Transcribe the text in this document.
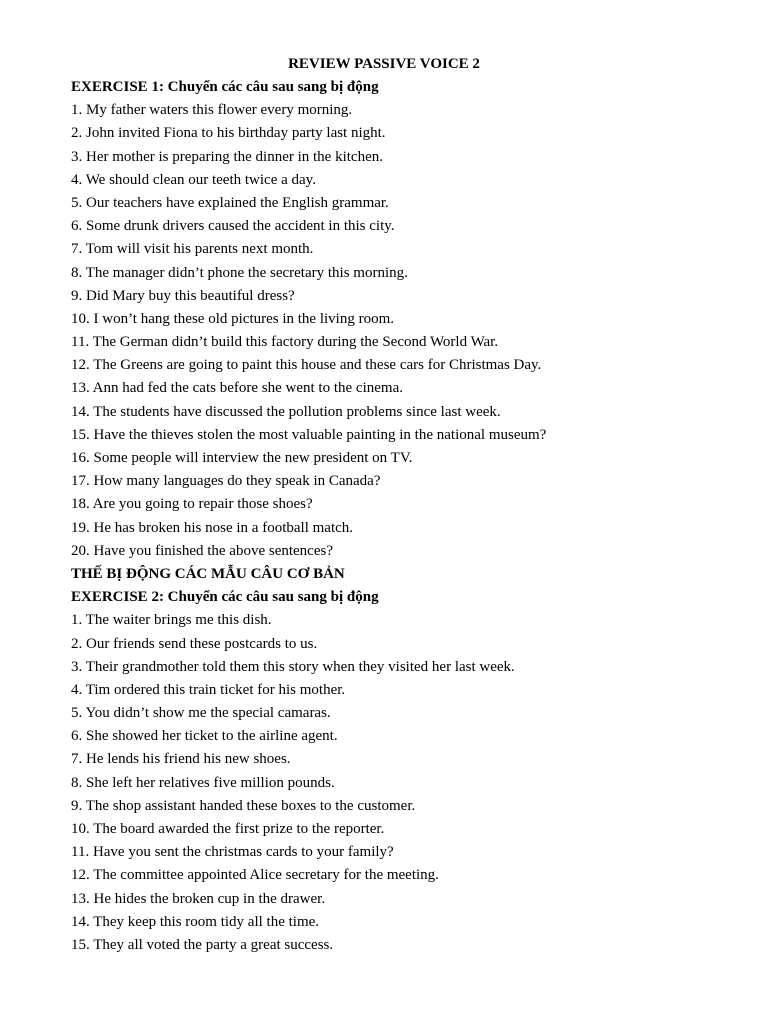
REVIEW PASSIVE VOICE 2
EXERCISE 1: Chuyển các câu sau sang bị động
1. My father waters this flower every morning.
2. John invited Fiona to his birthday party last night.
3. Her mother is preparing the dinner in the kitchen.
4. We should clean our teeth twice a day.
5. Our teachers have explained the English grammar.
6. Some drunk drivers caused the accident in this city.
7. Tom will visit his parents next month.
8. The manager didn’t phone the secretary this morning.
9. Did Mary buy this beautiful dress?
10. I won’t hang these old pictures in the living room.
11. The German didn’t build this factory during the Second World War.
12. The Greens are going to paint this house and these cars for Christmas Day.
13. Ann had fed the cats before she went to the cinema.
14. The students have discussed the pollution problems since last week.
15. Have the thieves stolen the most valuable painting in the national museum?
16. Some people will interview the new president on TV.
17. How many languages do they speak in Canada?
18. Are you going to repair those shoes?
19. He has broken his nose in a football match.
20. Have you finished the above sentences?
THẾ BỊ ĐỘNG CÁC MẪU CÂU CƠ BẢN
EXERCISE 2: Chuyển các câu sau sang bị động
1. The waiter brings me this dish.
2. Our friends send these postcards to us.
3. Their grandmother told them this story when they visited her last week.
4. Tim ordered this train ticket for his mother.
5. You didn’t show me the special camaras.
6. She showed her ticket to the airline agent.
7. He lends his friend his new shoes.
8. She left her relatives five million pounds.
9. The shop assistant handed these boxes to the customer.
10. The board awarded the first prize to the reporter.
11. Have you sent the christmas cards to your family?
12. The committee appointed Alice secretary for the meeting.
13. He hides the broken cup in the drawer.
14. They keep this room tidy all the time.
15. They all voted the party a great success.
